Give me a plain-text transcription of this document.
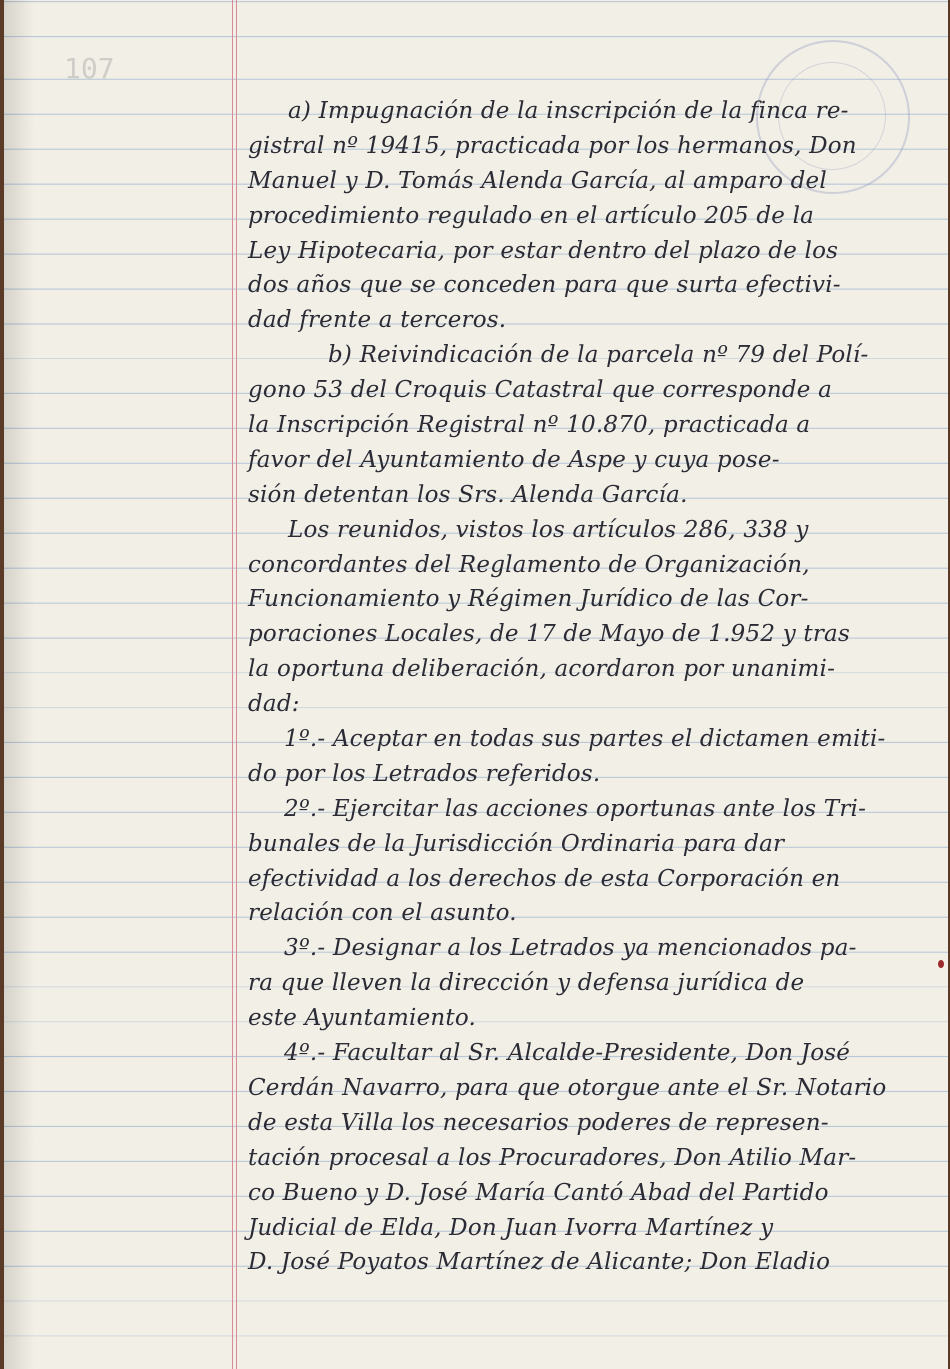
107
a) Impugnación de la inscripción de la finca re-
gistral nº 19415, practicada por los hermanos, Don
Manuel y D. Tomás Alenda García, al amparo del
procedimiento regulado en el artículo 205 de la
Ley Hipotecaria, por estar dentro del plazo de los
dos años que se conceden para que surta efectivi-
dad frente a terceros.
b) Reivindicación de la parcela nº 79 del Polí-
gono 53 del Croquis Catastral que corresponde a
la Inscripción Registral nº 10.870, practicada a
favor del Ayuntamiento de Aspe y cuya pose-
sión detentan los Srs. Alenda García.
Los reunidos, vistos los artículos 286, 338 y
concordantes del Reglamento de Organización,
Funcionamiento y Régimen Jurídico de las Cor-
poraciones Locales, de 17 de Mayo de 1.952 y tras
la oportuna deliberación, acordaron por unanimi-
dad:
1º.- Aceptar en todas sus partes el dictamen emiti-
do por los Letrados referidos.
2º.- Ejercitar las acciones oportunas ante los Tri-
bunales de la Jurisdicción Ordinaria para dar
efectividad a los derechos de esta Corporación en
relación con el asunto.
3º.- Designar a los Letrados ya mencionados pa-
ra que lleven la dirección y defensa jurídica de
este Ayuntamiento.
4º.- Facultar al Sr. Alcalde-Presidente, Don José
Cerdán Navarro, para que otorgue ante el Sr. Notario
de esta Villa los necesarios poderes de represen-
tación procesal a los Procuradores, Don Atilio Mar-
co Bueno y D. José María Cantó Abad del Partido
Judicial de Elda, Don Juan Ivorra Martínez y
D. José Poyatos Martínez de Alicante; Don Eladio
